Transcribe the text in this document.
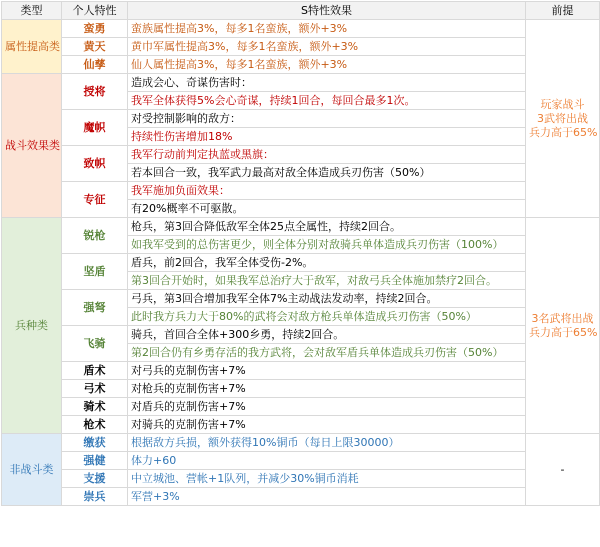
类型	个人特性	S特性效果	前提
属性提高类	蛮勇	蛮族属性提高3%，每多1名蛮族，额外+3%	玩家战斗
3武将出战
兵力高于65%

	黄天	黄巾军属性提高3%，每多1名蛮族，额外+3%	
	仙孳	仙人属性提高3%，每多1名蛮族，额外+3%	
战斗效果类	授将	造成会心、奇谋伤害时：	
		我军全体获得5%会心奇谋，持续1回合，每回合最多1次。	
	魔帜	对受控制影响的敌方：	
		持续性伤害增加18%	
	致帜	我军行动前判定执蓝或黑旗：	
		若本回合一致，我军武力最高对敌全体造成兵刃伤害（50%）	
	专征	我军施加负面效果：	
		有20%概率不可驱散。	
兵种类	锐枪	枪兵，第3回合降低敌军全体25点全属性，持续2回合。	3名武将出战
兵力高于65%

		如我军受到的总伤害更少，则全体分别对敌骑兵单体造成兵刃伤害（100%）	
	坚盾	盾兵，前2回合，我军全体受伤-2%。	
		第3回合开始时，如果我军总治疗大于敌军，对敌弓兵全体施加禁疗2回合。	
	强弩	弓兵，第3回合增加我军全体7%主动战法发动率，持续2回合。	
		此时我方兵力大于80%的武将会对敌方枪兵单体造成兵刃伤害（50%）	
	飞骑	骑兵，首回合全体+300乡勇，持续2回合。	
		第2回合仍有乡勇存活的我方武将，会对敌军盾兵单体造成兵刃伤害（50%）	
	盾术	对弓兵的克制伤害+7%	
	弓术	对枪兵的克制伤害+7%	
	骑术	对盾兵的克制伤害+7%	
	枪术	对骑兵的克制伤害+7%	
非战斗类	缴获	根据敌方兵损，额外获得10%铜币（每日上限30000）	-
	强健	体力+60	
	支援	中立城池、营帐+1队列，并减少30%铜币消耗	
	崇兵	军营+3%	
